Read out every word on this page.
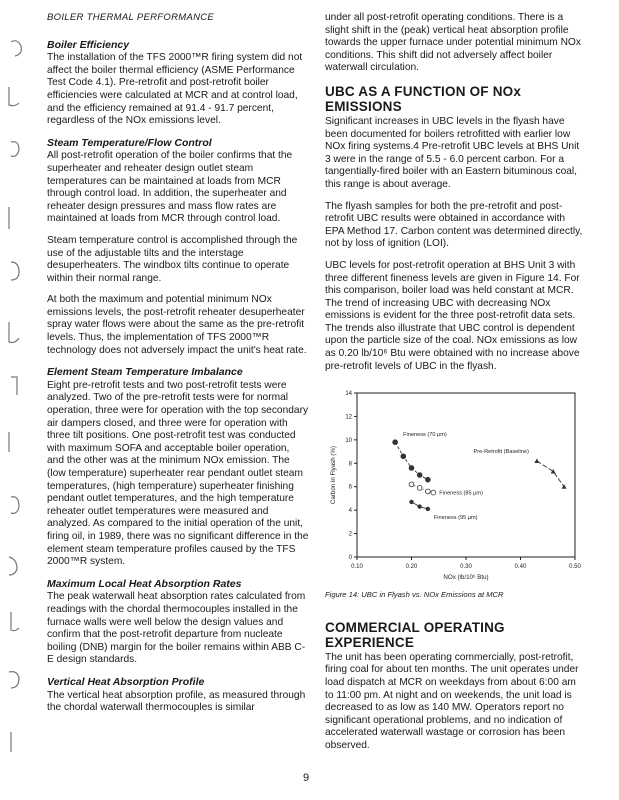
BOILER THERMAL PERFORMANCE
Boiler Efficiency

The installation of the TFS 2000™R firing system did not affect the boiler thermal efficiency (ASME Performance Test Code 4.1). Pre-retrofit and post-retrofit boiler efficiencies were calculated at MCR and at control load, and the efficiency remained at 91.4 - 91.7 percent, regardless of the NOx emissions level.

Steam Temperature/Flow Control

All post-retrofit operation of the boiler confirms that the superheater and reheater design outlet steam temperatures can be maintained at loads from MCR through control load. In addition, the superheater and reheater design pressures and mass flow rates are maintained at loads from MCR through control load.

Steam temperature control is accomplished through the use of the adjustable tilts and the interstage desuperheaters. The windbox tilts continue to operate within their normal range.

At both the maximum and potential minimum NOx emissions levels, the post-retrofit reheater desuperheater spray water flows were about the same as the pre-retrofit levels. Thus, the implementation of TFS 2000™R technology does not adversely impact the unit's heat rate.

Element Steam Temperature Imbalance

Eight pre-retrofit tests and two post-retrofit tests were analyzed. Two of the pre-retrofit tests were for normal operation, three were for operation with the top secondary air dampers closed, and three were for operation with three tilt positions. One post-retrofit test was conducted with maximum SOFA and acceptable boiler operation, and the other was at the minimum NOx emission. The (low temperature) superheater rear pendant outlet steam temperatures, (high temperature) superheater finishing pendant outlet temperatures, and the high temperature reheater outlet temperatures were measured and analyzed. As compared to the initial operation of the unit, firing oil, in 1989, there was no significant difference in the element steam temperature profiles caused by the TFS 2000™R system.

Maximum Local Heat Absorption Rates

The peak waterwall heat absorption rates calculated from readings with the chordal thermocouples installed in the furnace walls were well below the design values and confirm that the post-retrofit departure from nucleate boiling (DNB) margin for the boiler remains within ABB C-E design standards.

Vertical Heat Absorption Profile

The vertical heat absorption profile, as measured through the chordal waterwall thermocouples is similar

under all post-retrofit operating conditions. There is a slight shift in the (peak) vertical heat absorption profile towards the upper furnace under potential minimum NOx conditions. This shift did not adversely affect boiler waterwall circulation.

UBC AS A FUNCTION OF NOx EMISSIONS

Significant increases in UBC levels in the flyash have been documented for boilers retrofitted with earlier low NOx firing systems.4 Pre-retrofit UBC levels at BHS Unit 3 were in the range of 5.5 - 6.0 percent carbon. For a tangentially-fired boiler with an Eastern bituminous coal, this range is about average.

The flyash samples for both the pre-retrofit and post-retrofit UBC results were obtained in accordance with EPA Method 17. Carbon content was determined directly, not by loss of ignition (LOI).

UBC levels for post-retrofit operation at BHS Unit 3 with three different fineness levels are given in Figure 14. For this comparison, boiler load was held constant at MCR. The trend of increasing UBC with decreasing NOx emissions is evident for the three post-retrofit data sets. The trends also illustrate that UBC control is dependent upon the particle size of the coal. NOx emissions as low as 0.20 lb/10⁶ Btu were obtained with no increase above pre-retrofit levels of UBC in the flyash.

0.10	0.20	0.30	0.40	0.50
0
2
4
6
8
10
12
14
NOx (lb/10⁶ Btu)
Carbon in Flyash (%)
Fineness (70 µm)
Fineness (85 µm)
Fineness (95 µm)
Pre-Retrofit (Baseline)
Figure 14: UBC in Flyash vs. NOx Emissions at MCR
COMMERCIAL OPERATING EXPERIENCE

The unit has been operating commercially, post-retrofit, firing coal for about ten months. The unit operates under load dispatch at MCR on weekdays from about 6:00 am to 11:00 pm. At night and on weekends, the unit load is decreased to as low as 140 MW. Operators report no significant operational problems, and no indication of accelerated waterwall wastage or corrosion has been observed.

9
